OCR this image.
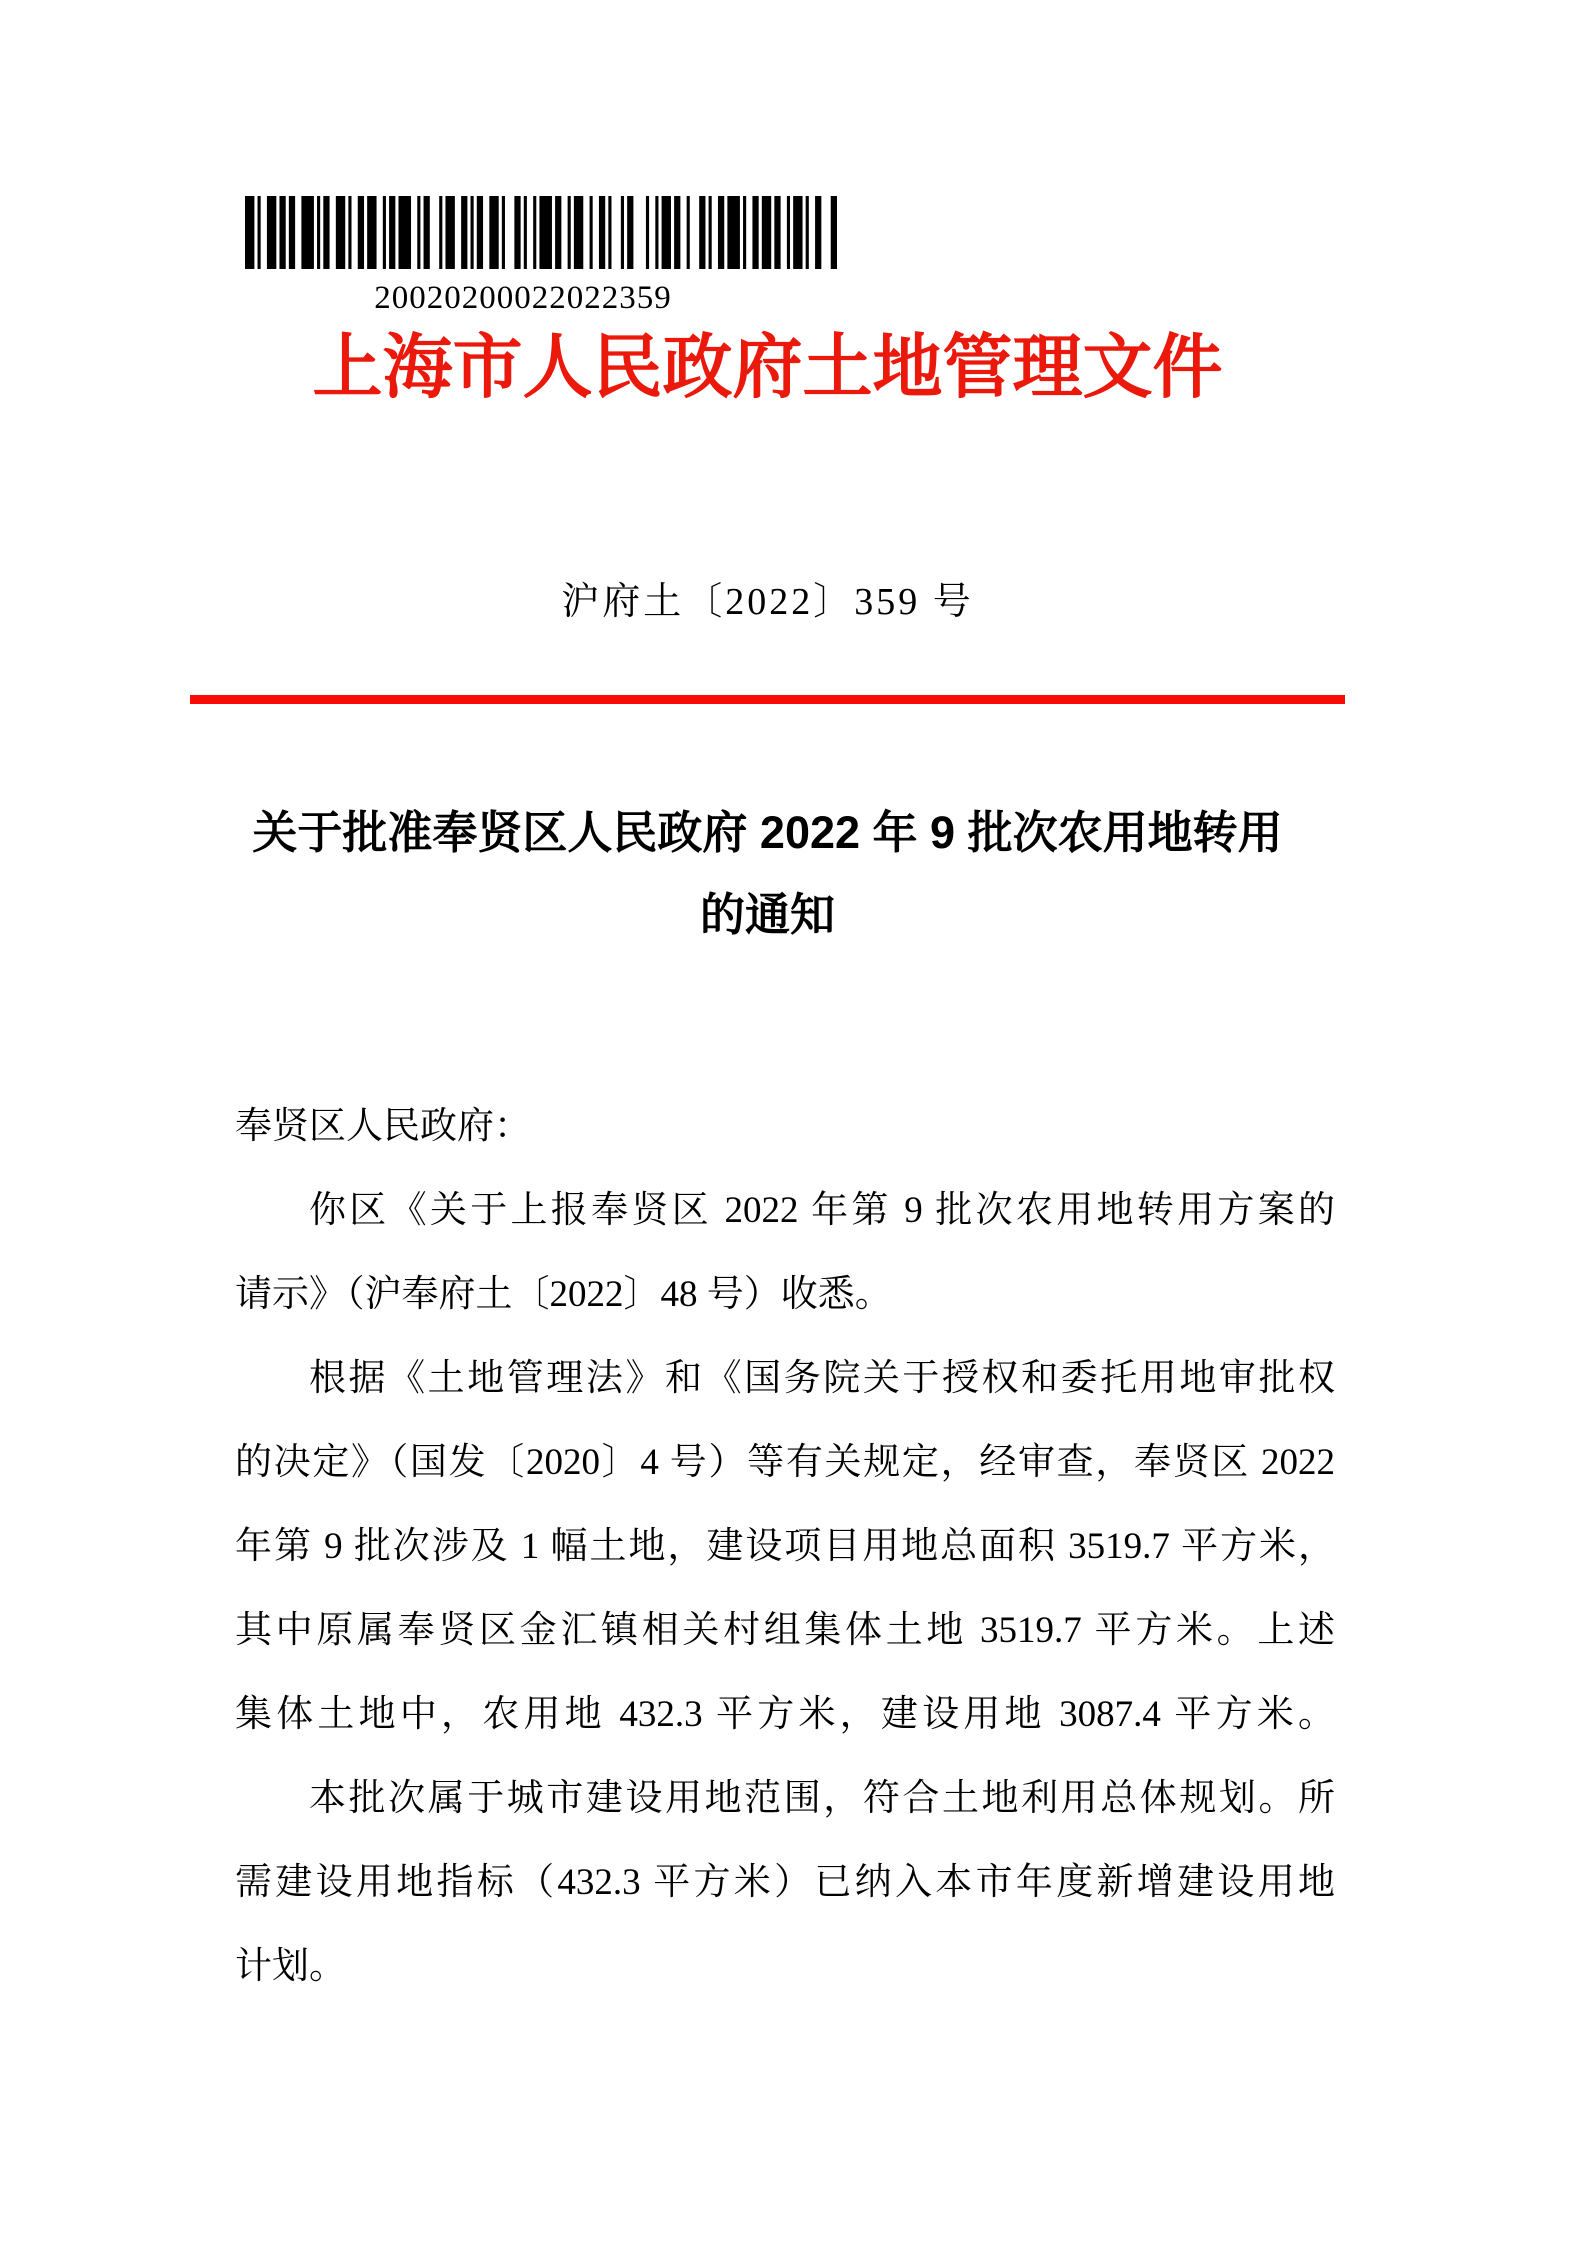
20020200022022359
上海市人民政府土地管理文件
沪府土〔2022〕359 号
关于批准奉贤区人民政府 2022 年 9 批次农用地转用
的通知
奉贤区人民政府：
你区《关于上报奉贤区 2022 年第 9 批次农用地转用方案的
请示》（沪奉府土〔2022〕48 号）收悉。
根据《土地管理法》和《国务院关于授权和委托用地审批权
的决定》（国发〔2020〕4 号）等有关规定，经审查，奉贤区 2022
年第 9 批次涉及 1 幅土地，建设项目用地总面积 3519.7 平方米，
其中原属奉贤区金汇镇相关村组集体土地 3519.7 平方米。上述
集体土地中，农用地 432.3 平方米，建设用地 3087.4 平方米。
本批次属于城市建设用地范围，符合土地利用总体规划。所
需建设用地指标（432.3 平方米）已纳入本市年度新增建设用地
计划。
